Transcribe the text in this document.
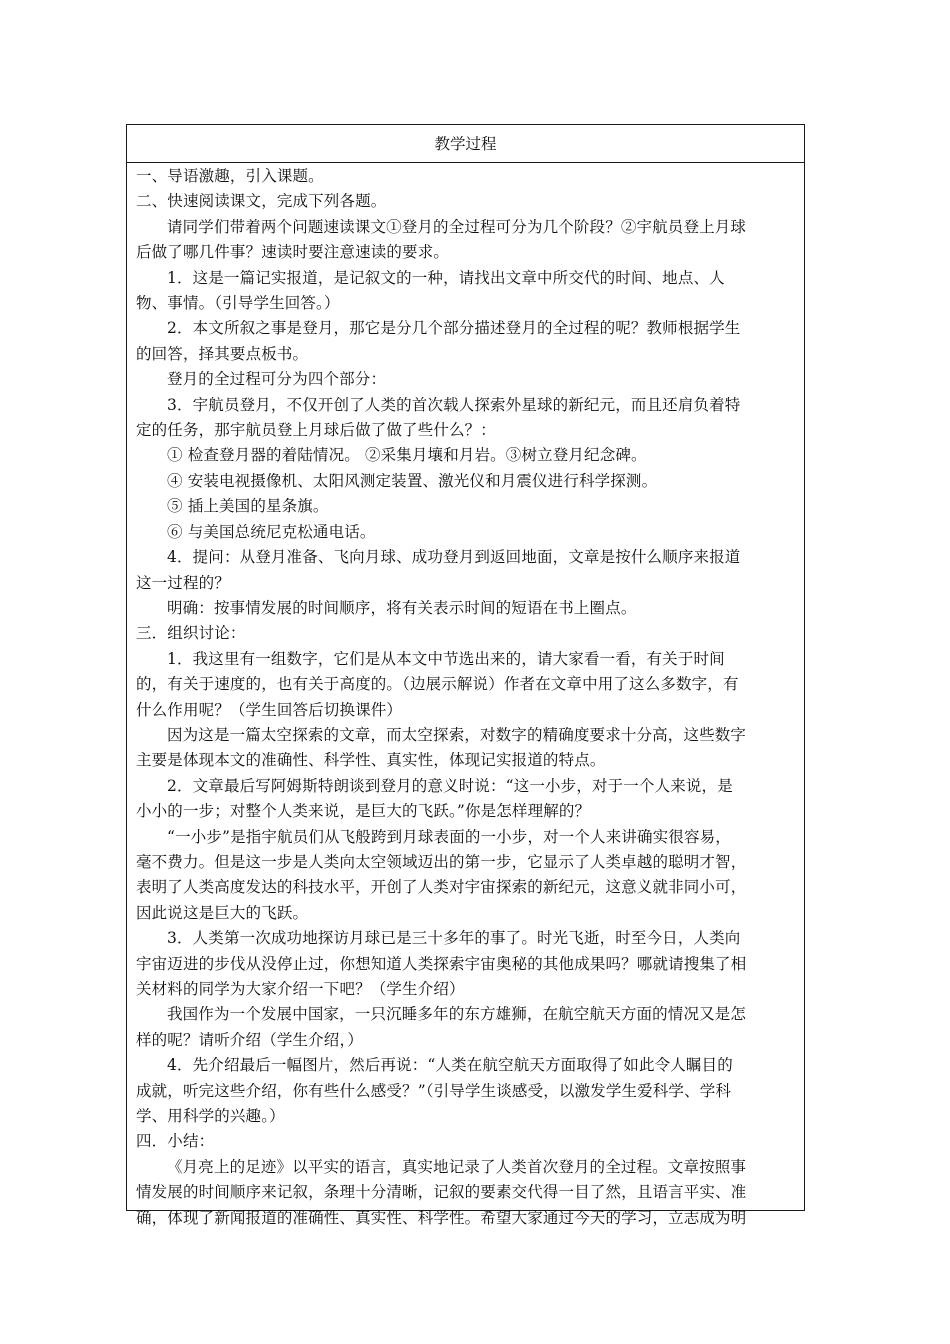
教学过程

一、导语激趣，引入课题。

二、快速阅读课文，完成下列各题。

请同学们带着两个问题速读课文①登月的全过程可分为几个阶段？②宇航员登上月球

后做了哪几件事？速读时要注意速读的要求。

1．这是一篇记实报道，是记叙文的一种，请找出文章中所交代的时间、地点、人

物、事情。（引导学生回答。）

2．本文所叙之事是登月，那它是分几个部分描述登月的全过程的呢？教师根据学生

的回答，择其要点板书。

登月的全过程可分为四个部分：

3．宇航员登月，不仅开创了人类的首次载人探索外星球的新纪元，而且还肩负着特

定的任务，那宇航员登上月球后做了做了些什么？：

① 检查登月器的着陆情况。 ②采集月壤和月岩。③树立登月纪念碑。

④ 安装电视摄像机、太阳风测定装置、激光仪和月震仪进行科学探测。

⑤ 插上美国的星条旗。

⑥ 与美国总统尼克松通电话。

4．提问：从登月准备、飞向月球、成功登月到返回地面，文章是按什么顺序来报道

这一过程的？

明确：按事情发展的时间顺序，将有关表示时间的短语在书上圈点。

三．组织讨论：

1．我这里有一组数字，它们是从本文中节选出来的，请大家看一看，有关于时间

的，有关于速度的，也有关于高度的。（边展示解说）作者在文章中用了这么多数字，有

什么作用呢？（学生回答后切换课件）

因为这是一篇太空探索的文章，而太空探索，对数字的精确度要求十分高，这些数字

主要是体现本文的准确性、科学性、真实性，体现记实报道的特点。

2．文章最后写阿姆斯特朗谈到登月的意义时说：“这一小步，对于一个人来说，是

小小的一步；对整个人类来说，是巨大的飞跃。”你是怎样理解的？

“一小步”是指宇航员们从飞般跨到月球表面的一小步，对一个人来讲确实很容易，

毫不费力。但是这一步是人类向太空领域迈出的第一步，它显示了人类卓越的聪明才智，

表明了人类高度发达的科技水平，开创了人类对宇宙探索的新纪元，这意义就非同小可，

因此说这是巨大的飞跃。

3．人类第一次成功地探访月球已是三十多年的事了。时光飞逝，时至今日，人类向

宇宙迈进的步伐从没停止过，你想知道人类探索宇宙奥秘的其他成果吗？哪就请搜集了相

关材料的同学为大家介绍一下吧？（学生介绍）

我国作为一个发展中国家，一只沉睡多年的东方雄狮，在航空航天方面的情况又是怎

样的呢？请听介绍（学生介绍，）

4．先介绍最后一幅图片，然后再说：“人类在航空航天方面取得了如此令人瞩目的

成就，听完这些介绍，你有些什么感受？”（引导学生谈感受，以激发学生爱科学、学科

学、用科学的兴趣。）

四．小结：

《月亮上的足迹》以平实的语言，真实地记录了人类首次登月的全过程。文章按照事

情发展的时间顺序来记叙，条理十分清晰，记叙的要素交代得一目了然，且语言平实、准

确，体现了新闻报道的准确性、真实性、科学性。希望大家通过今天的学习，立志成为明
